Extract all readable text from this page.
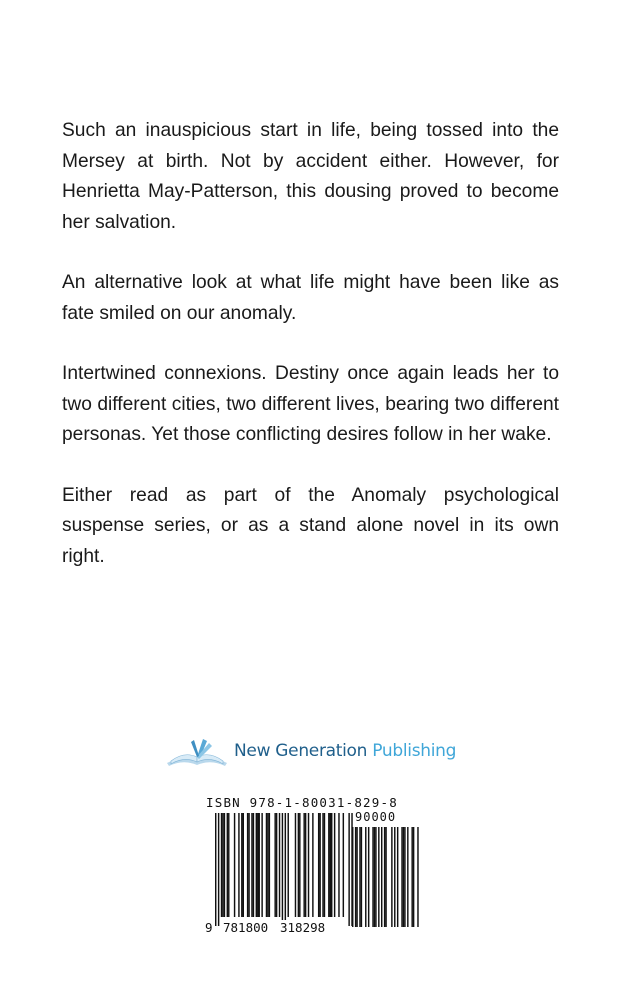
Such an inauspicious start in life, being tossed into the Mersey at birth. Not by accident either. However, for Henrietta May-Patterson, this dousing proved to become her salvation.

An alternative look at what life might have been like as fate smiled on our anomaly.

Intertwined connexions. Destiny once again leads her to two different cities, two different lives, bearing two different personas. Yet those conflicting desires follow in her wake.

Either read as part of the Anomaly psychological suspense series, or as a stand alone novel in its own right.

New Generation Publishing
ISBN 978-1-80031-829-8
9 781800 318298
90000
